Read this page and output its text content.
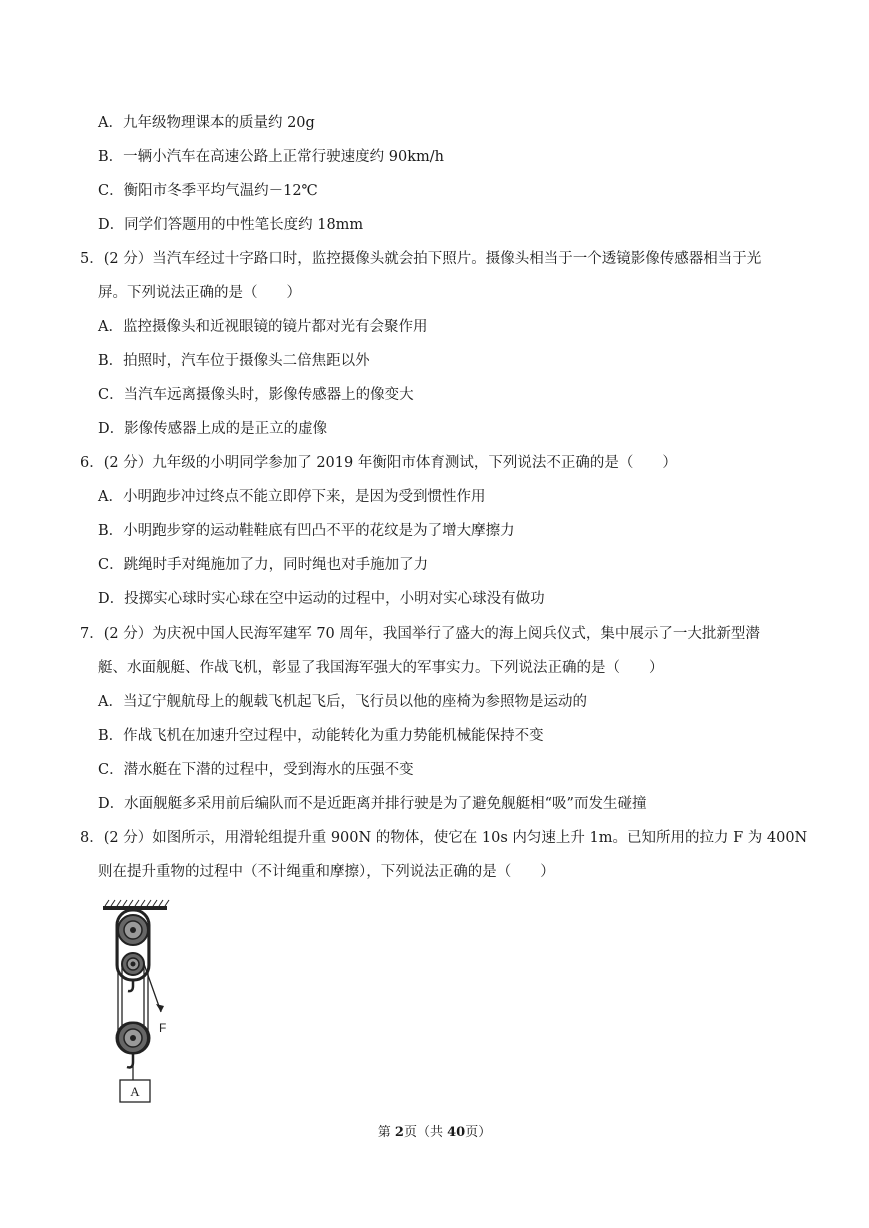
A．九年级物理课本的质量约 20g
B．一辆小汽车在高速公路上正常行驶速度约 90km/h
C．衡阳市冬季平均气温约－12℃
D．同学们答题用的中性笔长度约 18mm
5．(2 分）当汽车经过十字路口时，监控摄像头就会拍下照片。摄像头相当于一个透镜影像传感器相当于光
屏。下列说法正确的是（　　）
A．监控摄像头和近视眼镜的镜片都对光有会聚作用
B．拍照时，汽车位于摄像头二倍焦距以外
C．当汽车远离摄像头时，影像传感器上的像变大
D．影像传感器上成的是正立的虚像
6．(2 分）九年级的小明同学参加了 2019 年衡阳市体育测试，下列说法不正确的是（　　）
A．小明跑步冲过终点不能立即停下来，是因为受到惯性作用
B．小明跑步穿的运动鞋鞋底有凹凸不平的花纹是为了增大摩擦力
C．跳绳时手对绳施加了力，同时绳也对手施加了力
D．投掷实心球时实心球在空中运动的过程中，小明对实心球没有做功
7．(2 分）为庆祝中国人民海军建军 70 周年，我国举行了盛大的海上阅兵仪式，集中展示了一大批新型潜
艇、水面舰艇、作战飞机，彰显了我国海军强大的军事实力。下列说法正确的是（　　）
A．当辽宁舰航母上的舰载飞机起飞后，飞行员以他的座椅为参照物是运动的
B．作战飞机在加速升空过程中，动能转化为重力势能机械能保持不变
C．潜水艇在下潜的过程中，受到海水的压强不变
D．水面舰艇多采用前后编队而不是近距离并排行驶是为了避免舰艇相“吸”而发生碰撞
8．(2 分）如图所示，用滑轮组提升重 900N 的物体，使它在 10s 内匀速上升 1m。已知所用的拉力 F 为 400N
则在提升重物的过程中（不计绳重和摩擦），下列说法正确的是（　　）
F
A
第 2页（共 40页）
